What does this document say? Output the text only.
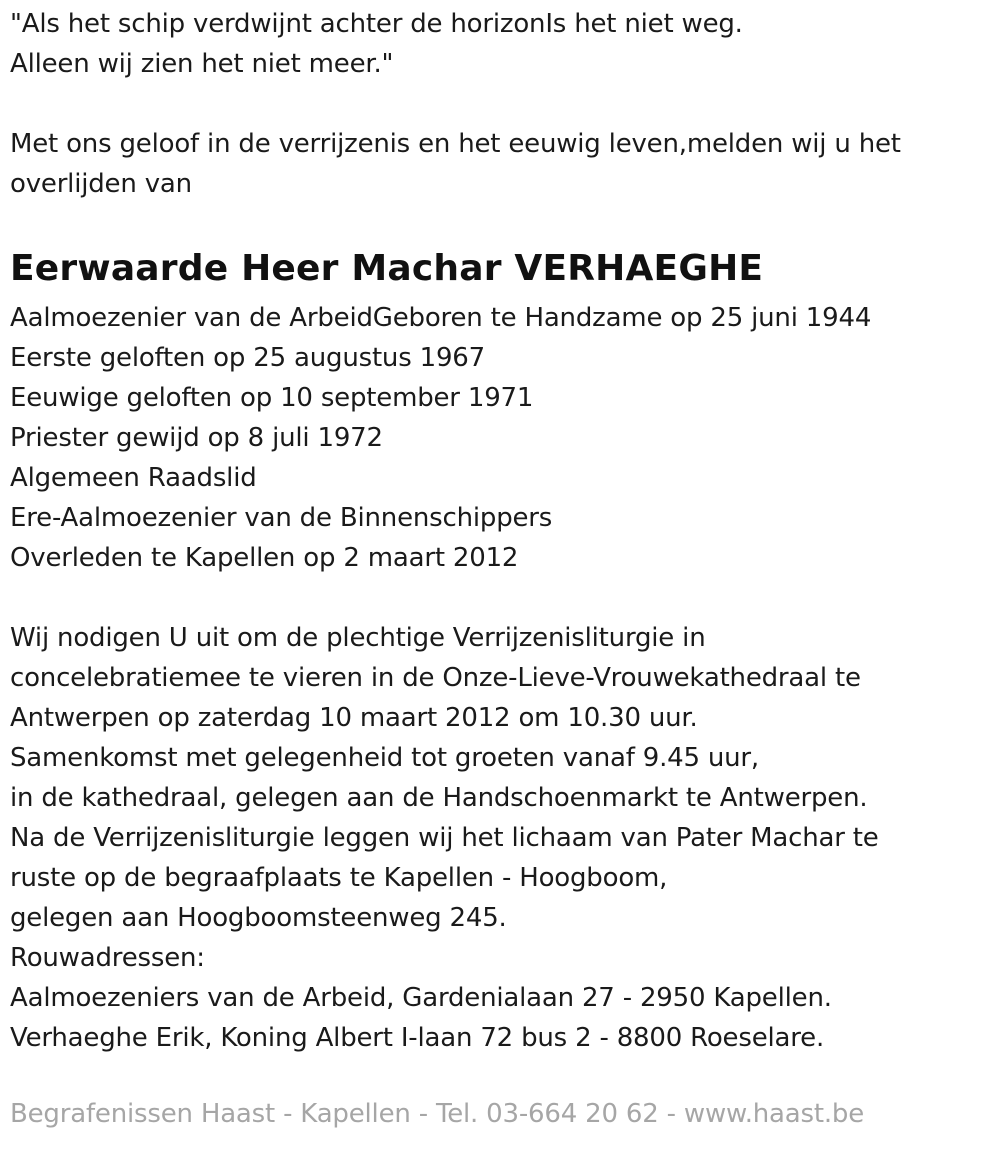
"Als het schip verdwijnt achter de horizonIs het niet weg.
Alleen wij zien het niet meer."
Met ons geloof in de verrijzenis en het eeuwig leven,melden wij u het
overlijden van
Eerwaarde Heer Machar VERHAEGHE
Aalmoezenier van de ArbeidGeboren te Handzame op 25 juni 1944
Eerste geloften op 25 augustus 1967
Eeuwige geloften op 10 september 1971
Priester gewijd op 8 juli 1972
Algemeen Raadslid
Ere-Aalmoezenier van de Binnenschippers
Overleden te Kapellen op 2 maart 2012
Wij nodigen U uit om de plechtige Verrijzenisliturgie in
concelebratiemee te vieren in de Onze-Lieve-Vrouwekathedraal te
Antwerpen op zaterdag 10 maart 2012 om 10.30 uur.
Samenkomst met gelegenheid tot groeten vanaf 9.45 uur,
in de kathedraal, gelegen aan de Handschoenmarkt te Antwerpen.
Na de Verrijzenisliturgie leggen wij het lichaam van Pater Machar te
ruste op de begraafplaats te Kapellen - Hoogboom,
gelegen aan Hoogboomsteenweg 245.
Rouwadressen:
Aalmoezeniers van de Arbeid, Gardenialaan 27 - 2950 Kapellen.
Verhaeghe Erik, Koning Albert I-laan 72 bus 2 - 8800 Roeselare.
Begrafenissen Haast - Kapellen - Tel. 03-664 20 62 - www.haast.be
